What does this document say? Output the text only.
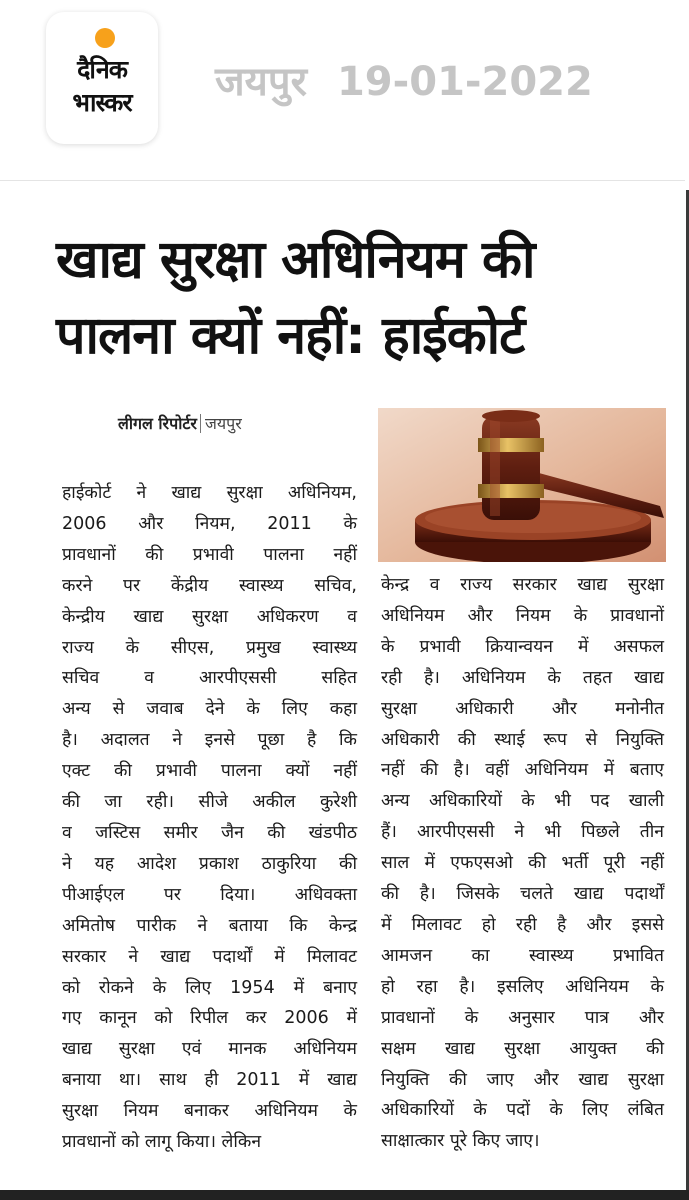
दैनिक
भास्कर	जयपुर 19-01-2022
खाद्य सुरक्षा अधिनियम की
पालना क्यों नहीं: हाईकोर्ट
लीगल रिपोर्टर जयपुर
हाईकोर्ट ने खाद्य सुरक्षा अधिनियम,
2006 और नियम, 2011 के
प्रावधानों की प्रभावी पालना नहीं
करने पर केंद्रीय स्वास्थ्य सचिव,
केन्द्रीय खाद्य सुरक्षा अधिकरण व
राज्य के सीएस, प्रमुख स्वास्थ्य
सचिव व आरपीएससी सहित
अन्य से जवाब देने के लिए कहा
है। अदालत ने इनसे पूछा है कि
एक्ट की प्रभावी पालना क्यों नहीं
की जा रही। सीजे अकील कुरेशी
व जस्टिस समीर जैन की खंडपीठ
ने यह आदेश प्रकाश ठाकुरिया की
पीआईएल पर दिया। अधिवक्ता
अमितोष पारीक ने बताया कि केन्द्र
सरकार ने खाद्य पदार्थों में मिलावट
को रोकने के लिए 1954 में बनाए
गए कानून को रिपील कर 2006 में
खाद्य सुरक्षा एवं मानक अधिनियम
बनाया था। साथ ही 2011 में खाद्य
सुरक्षा नियम बनाकर अधिनियम के
प्रावधानों को लागू किया। लेकिन
केन्द्र व राज्य सरकार खाद्य सुरक्षा
अधिनियम और नियम के प्रावधानों
के प्रभावी क्रियान्वयन में असफल
रही है। अधिनियम के तहत खाद्य
सुरक्षा अधिकारी और मनोनीत
अधिकारी की स्थाई रूप से नियुक्ति
नहीं की है। वहीं अधिनियम में बताए
अन्य अधिकारियों के भी पद खाली
हैं। आरपीएससी ने भी पिछले तीन
साल में एफएसओ की भर्ती पूरी नहीं
की है। जिसके चलते खाद्य पदार्थों
में मिलावट हो रही है और इससे
आमजन का स्वास्थ्य प्रभावित
हो रहा है। इसलिए अधिनियम के
प्रावधानों के अनुसार पात्र और
सक्षम खाद्य सुरक्षा आयुक्त की
नियुक्ति की जाए और खाद्य सुरक्षा
अधिकारियों के पदों के लिए लंबित
साक्षात्कार पूरे किए जाए।
